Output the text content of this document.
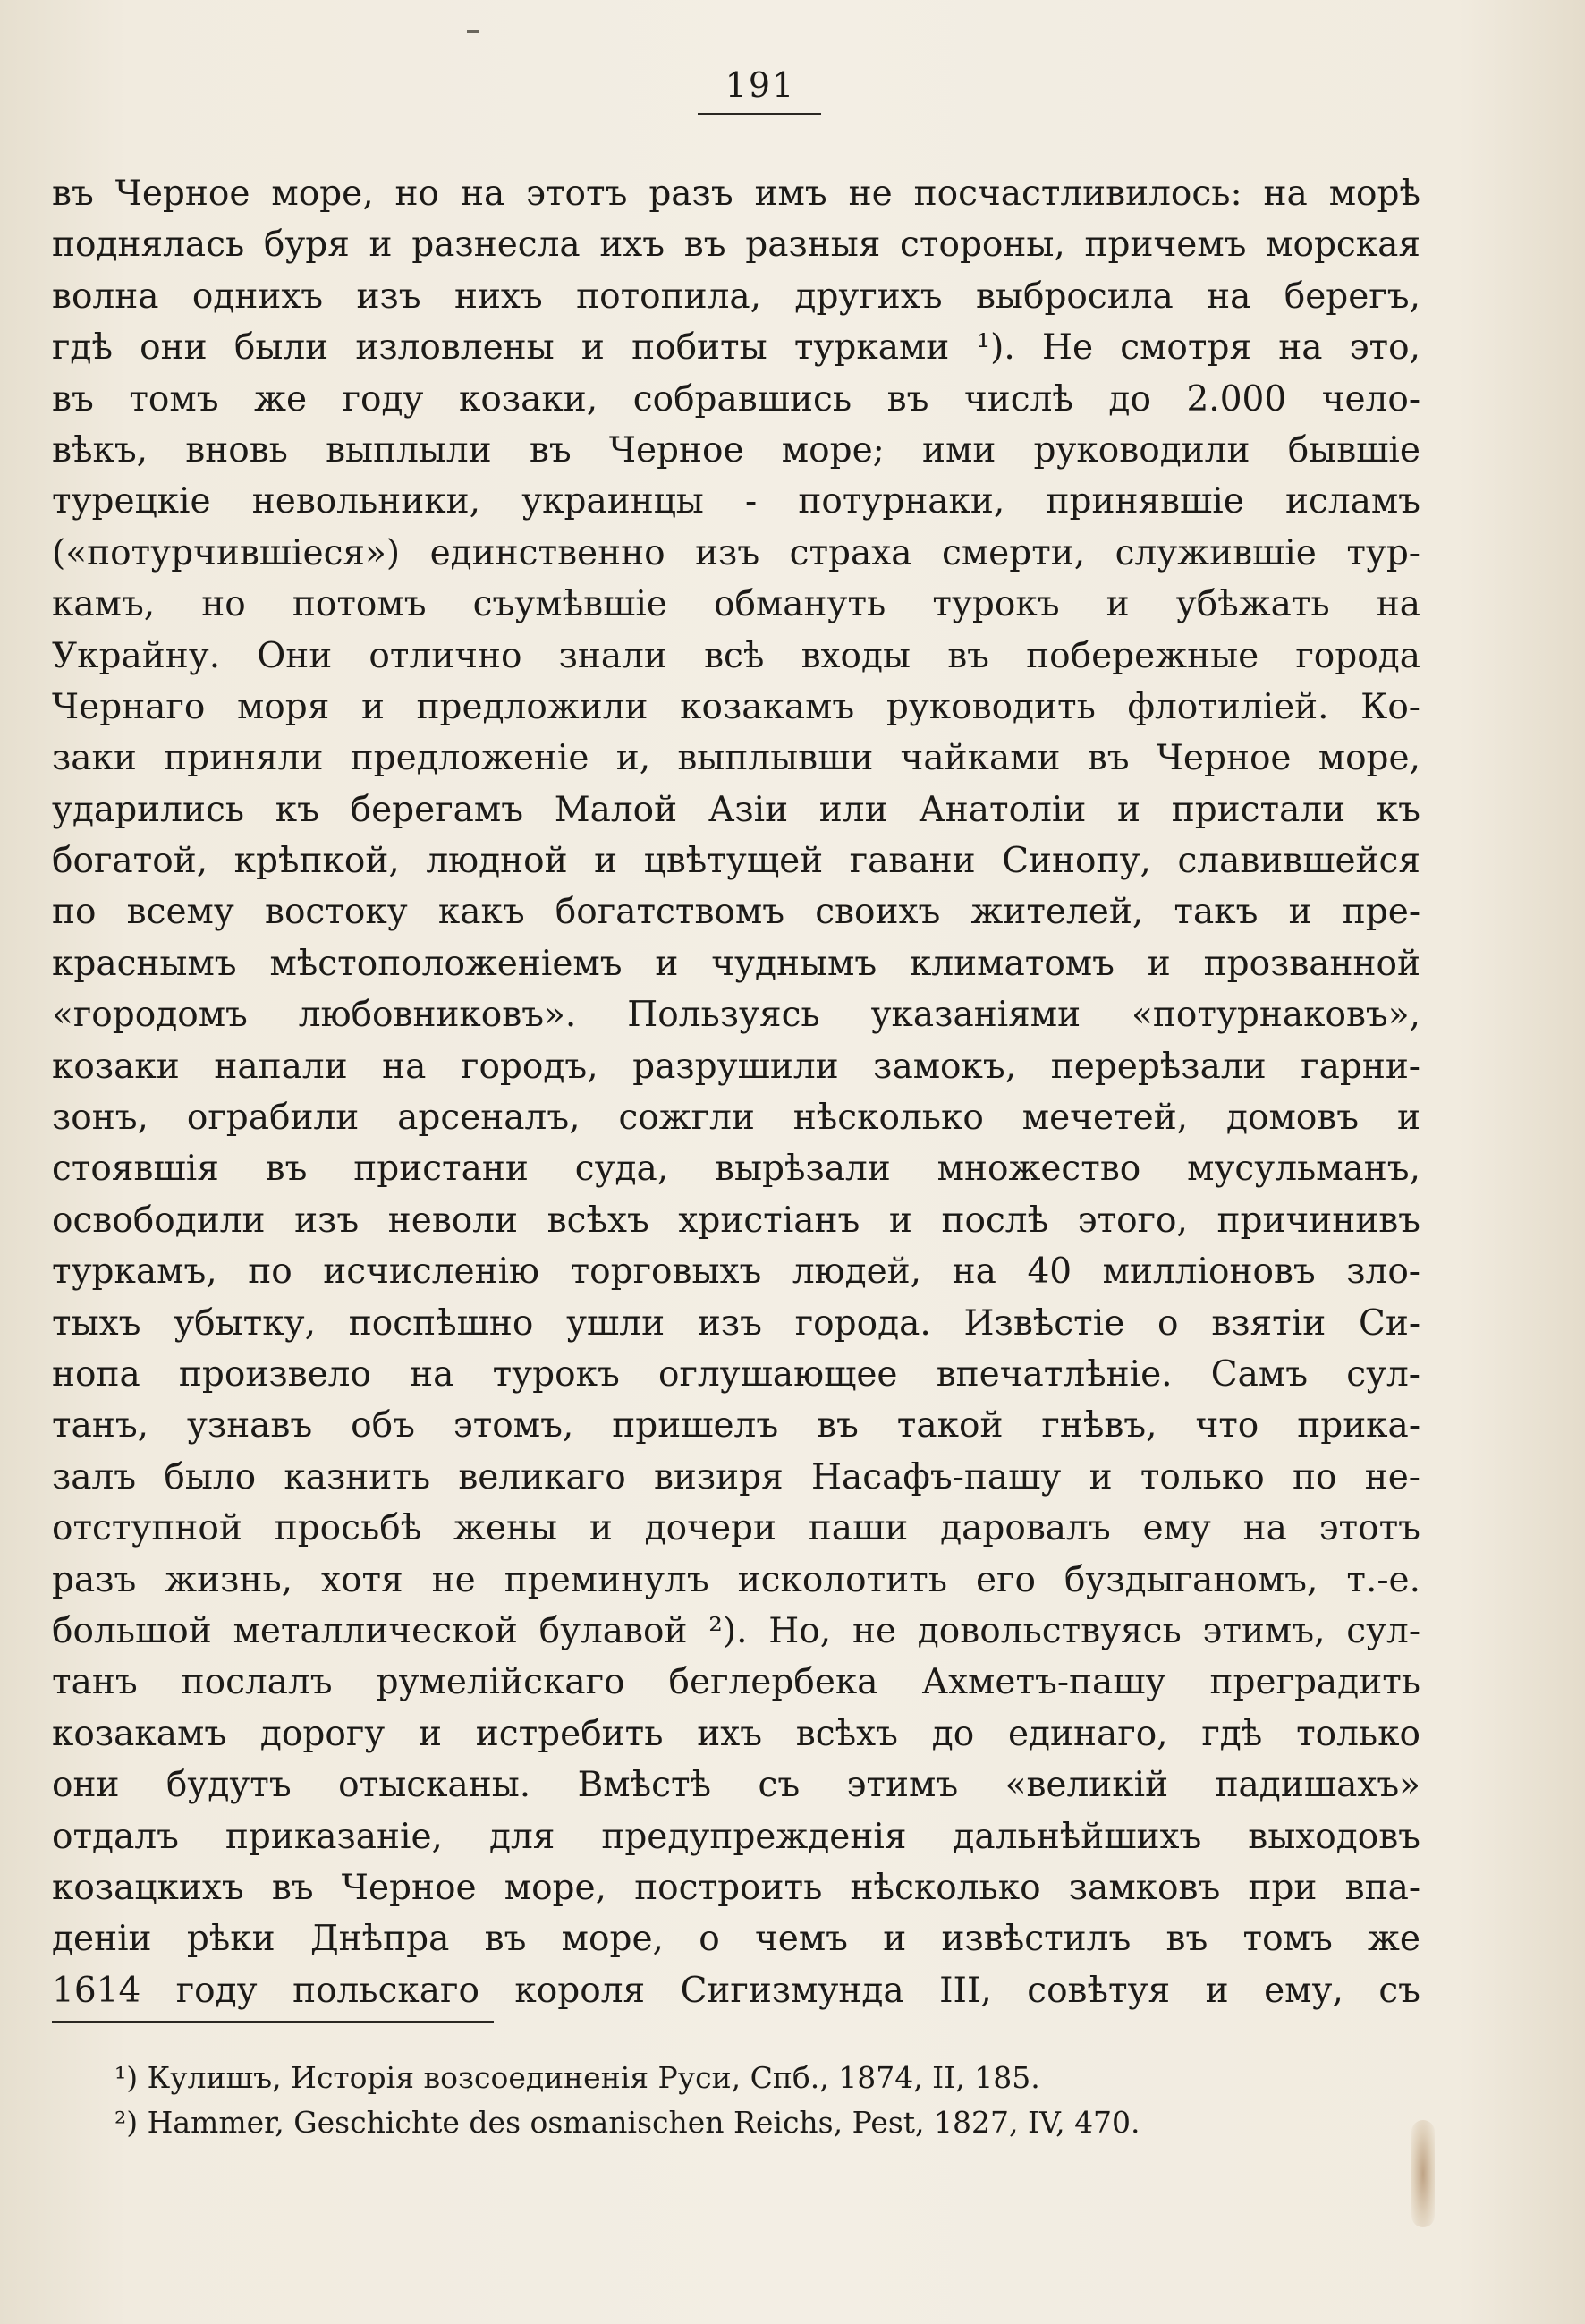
191
въ Черное море, но на этотъ разъ имъ не посчастливилось: на морѣ
поднялась буря и разнесла ихъ въ разныя стороны, причемъ морская
волна однихъ изъ нихъ потопила, другихъ выбросила на берегъ,
гдѣ они были изловлены и побиты турками ¹). Не смотря на это,
въ томъ же году козаки, собравшись въ числѣ до 2.000 чело-
вѣкъ, вновь выплыли въ Черное море; ими руководили бывшіе
турецкіе невольники, украинцы - потурнаки, принявшіе исламъ
(«потурчившіеся») единственно изъ страха смерти, служившіе тур-
камъ, но потомъ съумѣвшіе обмануть турокъ и убѣжать на
Украйну. Они отлично знали всѣ входы въ побережные города
Чернаго моря и предложили козакамъ руководить флотиліей. Ко-
заки приняли предложеніе и, выплывши чайками въ Черное море,
ударились къ берегамъ Малой Азіи или Анатоліи и пристали къ
богатой, крѣпкой, людной и цвѣтущей гавани Синопу, славившейся
по всему востоку какъ богатствомъ своихъ жителей, такъ и пре-
краснымъ мѣстоположеніемъ и чуднымъ климатомъ и прозванной
«городомъ любовниковъ». Пользуясь указаніями «потурнаковъ»,
козаки напали на городъ, разрушили замокъ, перерѣзали гарни-
зонъ, ограбили арсеналъ, сожгли нѣсколько мечетей, домовъ и
стоявшія въ пристани суда, вырѣзали множество мусульманъ,
освободили изъ неволи всѣхъ христіанъ и послѣ этого, причинивъ
туркамъ, по исчисленію торговыхъ людей, на 40 милліоновъ зло-
тыхъ убытку, поспѣшно ушли изъ города. Извѣстіе о взятіи Си-
нопа произвело на турокъ оглушающее впечатлѣніе. Самъ сул-
танъ, узнавъ объ этомъ, пришелъ въ такой гнѣвъ, что прика-
залъ было казнить великаго визиря Насафъ-пашу и только по не-
отступной просьбѣ жены и дочери паши даровалъ ему на этотъ
разъ жизнь, хотя не преминулъ исколотить его буздыганомъ, т.-е.
большой металлической булавой ²). Но, не довольствуясь этимъ, сул-
танъ послалъ румелійскаго беглербека Ахметъ-пашу преградить
козакамъ дорогу и истребить ихъ всѣхъ до единаго, гдѣ только
они будутъ отысканы. Вмѣстѣ съ этимъ «великій падишахъ»
отдалъ приказаніе, для предупрежденія дальнѣйшихъ выходовъ
козацкихъ въ Черное море, построить нѣсколько замковъ при впа-
деніи рѣки Днѣпра въ море, о чемъ и извѣстилъ въ томъ же
1614 году польскаго короля Сигизмунда III, совѣтуя и ему, съ
¹) Кулишъ, Исторія возсоединенія Руси, Спб., 1874, II, 185.
²) Hammer, Geschichte des osmanischen Reichs, Pest, 1827, IV, 470.
